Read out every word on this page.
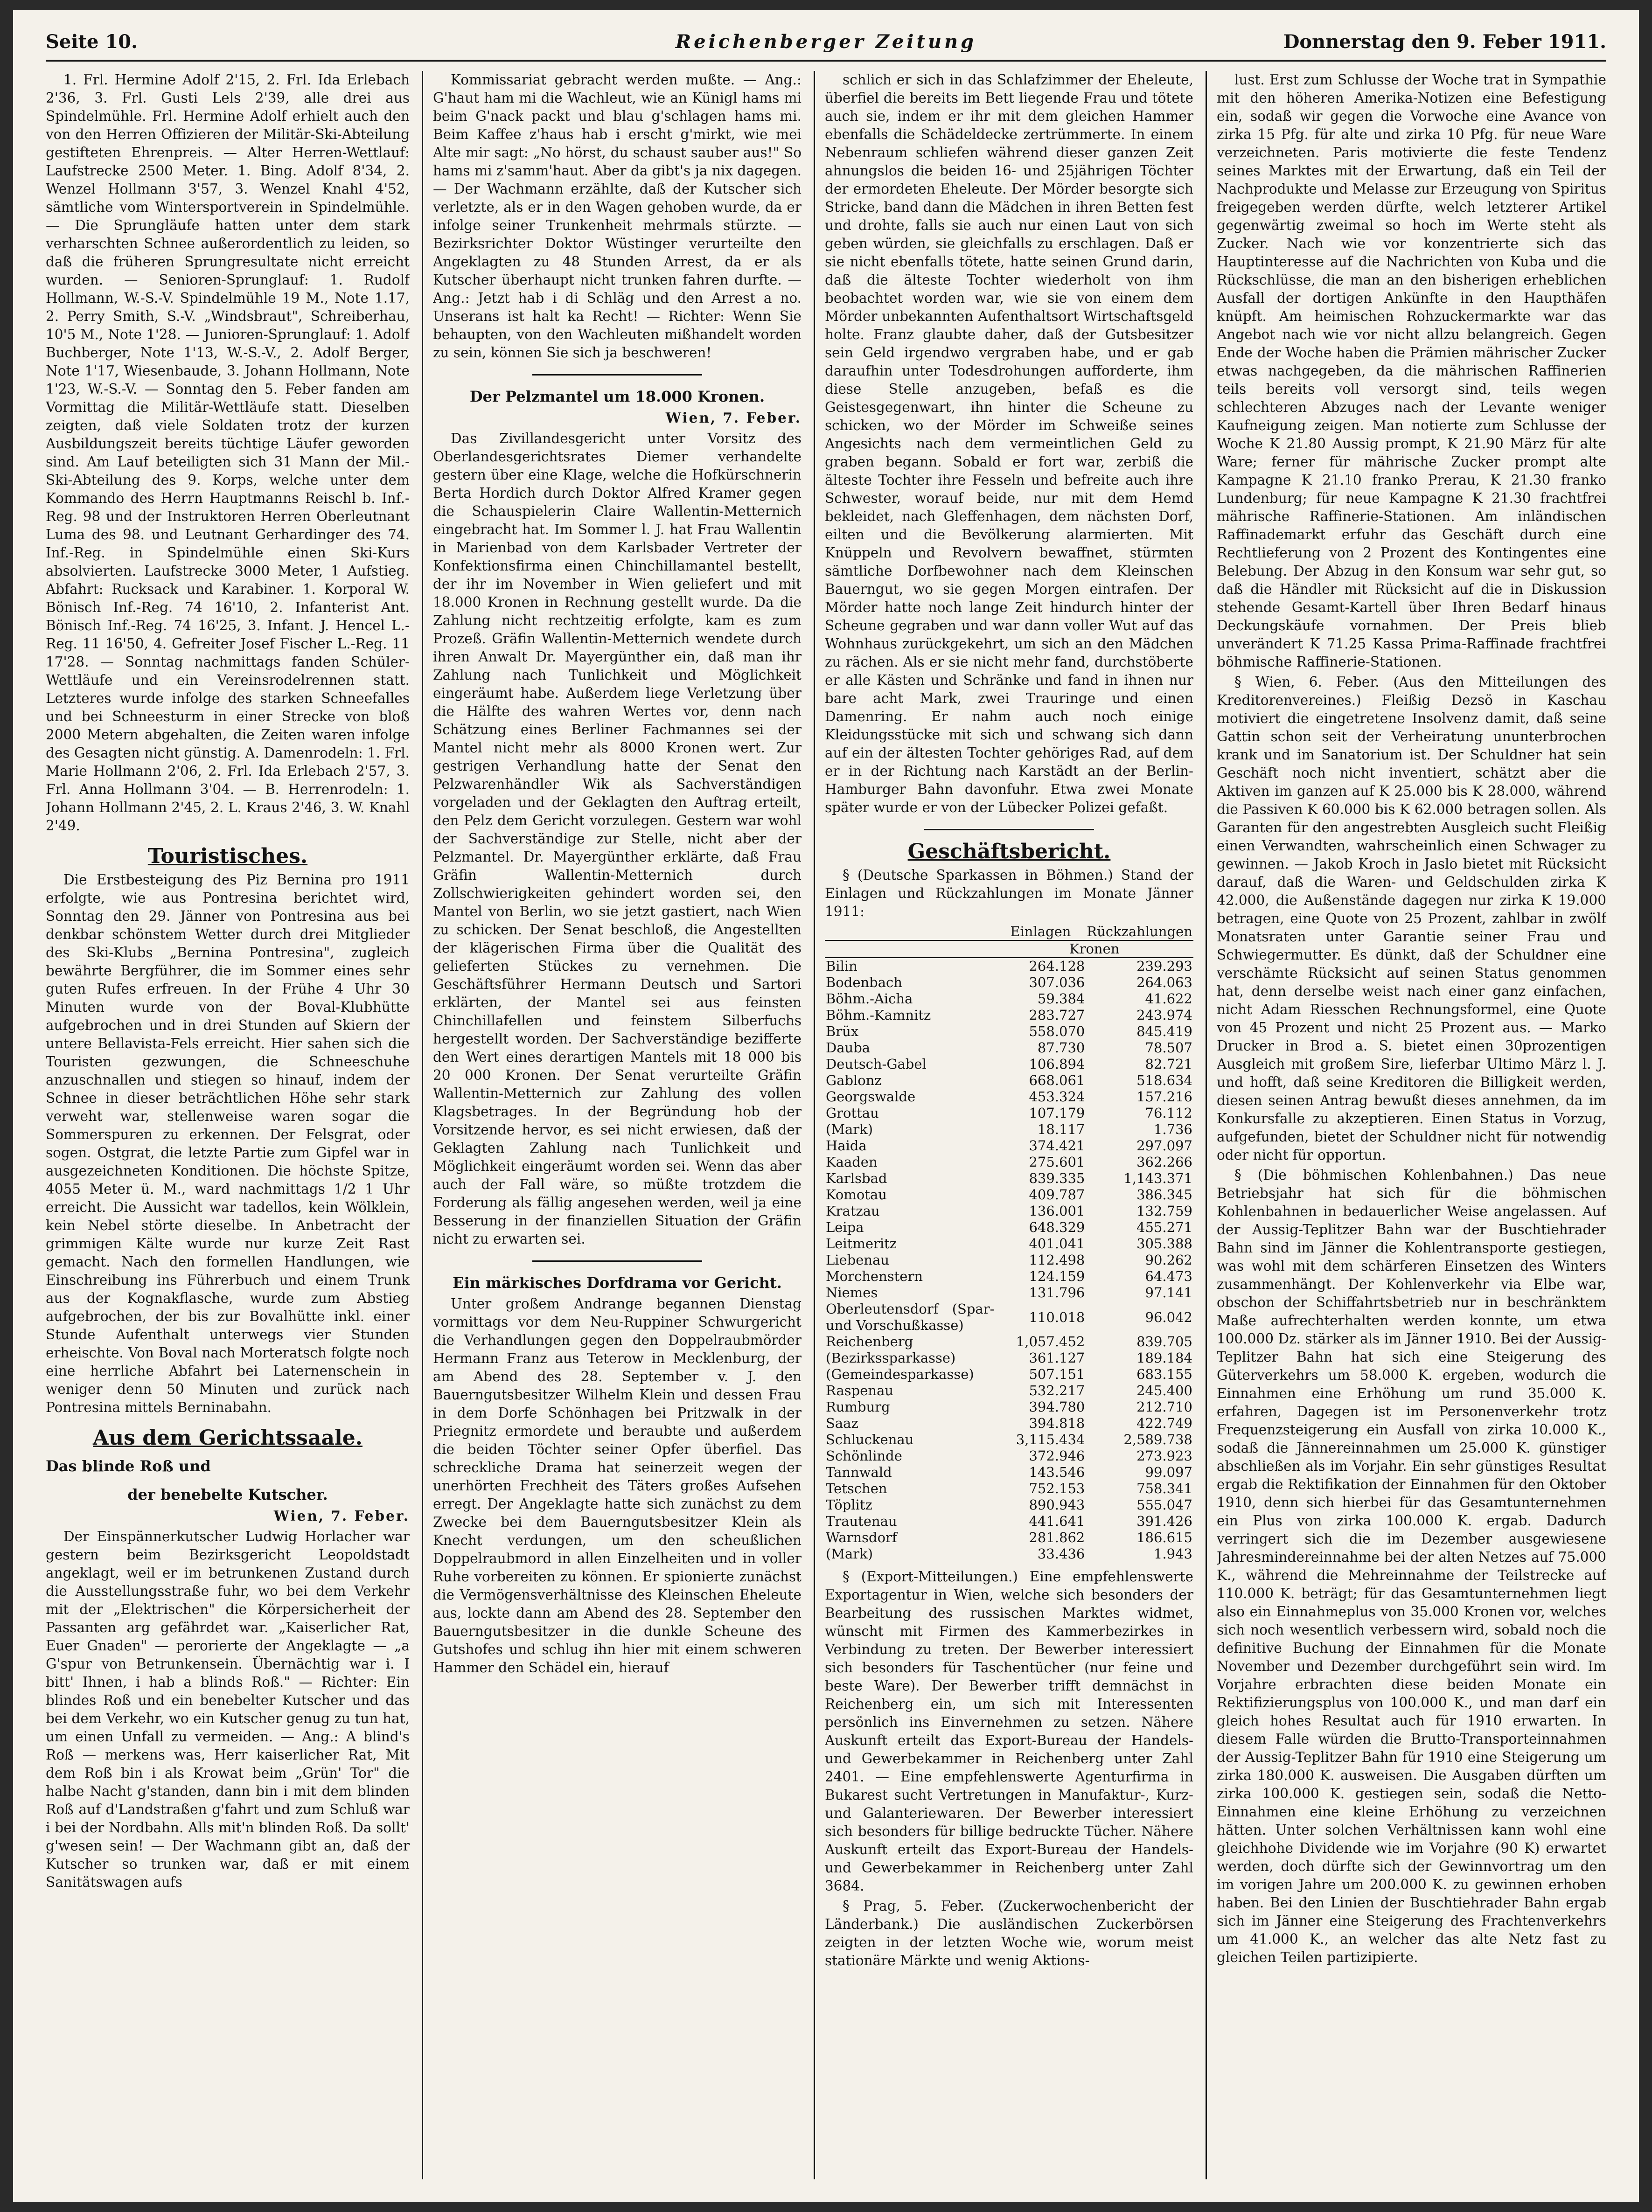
Seite 10.	Reichenberger Zeitung	Donnerstag den 9. Feber 1911.

1. Frl. Hermine Adolf 2'15, 2. Frl. Ida Erlebach 2'36, 3. Frl. Gusti Lels 2'39, alle drei aus Spindelmühle. Frl. Hermine Adolf erhielt auch den von den Herren Offizieren der Militär-Ski-Abteilung gestifteten Ehrenpreis. — Alter Herren-Wettlauf: Laufstrecke 2500 Meter. 1. Bing. Adolf 8'34, 2. Wenzel Hollmann 3'57, 3. Wenzel Knahl 4'52, sämtliche vom Wintersportverein in Spindelmühle. — Die Sprungläufe hatten unter dem stark verharschten Schnee außerordentlich zu leiden, so daß die früheren Sprungresultate nicht erreicht wurden. — Senioren-Sprunglauf: 1. Rudolf Hollmann, W.-S.-V. Spindelmühle 19 M., Note 1.17, 2. Perry Smith, S.-V. „Windsbraut", Schreiberhau, 10'5 M., Note 1'28. — Junioren-Sprunglauf: 1. Adolf Buchberger, Note 1'13, W.-S.-V., 2. Adolf Berger, Note 1'17, Wiesenbaude, 3. Johann Hollmann, Note 1'23, W.-S.-V. — Sonntag den 5. Feber fanden am Vormittag die Militär-Wettläufe statt. Dieselben zeigten, daß viele Soldaten trotz der kurzen Ausbildungszeit bereits tüchtige Läufer geworden sind. Am Lauf beteiligten sich 31 Mann der Mil.-Ski-Abteilung des 9. Korps, welche unter dem Kommando des Herrn Hauptmanns Reischl b. Inf.-Reg. 98 und der Instruktoren Herren Oberleutnant Luma des 98. und Leutnant Gerhardinger des 74. Inf.-Reg. in Spindelmühle einen Ski-Kurs absolvierten. Laufstrecke 3000 Meter, 1 Aufstieg. Abfahrt: Rucksack und Karabiner. 1. Korporal W. Bönisch Inf.-Reg. 74 16'10, 2. Infanterist Ant. Bönisch Inf.-Reg. 74 16'25, 3. Infant. J. Hencel L.-Reg. 11 16'50, 4. Gefreiter Josef Fischer L.-Reg. 11 17'28. — Sonntag nachmittags fanden Schüler-Wettläufe und ein Vereinsrodelrennen statt. Letzteres wurde infolge des starken Schneefalles und bei Schneesturm in einer Strecke von bloß 2000 Metern abgehalten, die Zeiten waren infolge des Gesagten nicht günstig. A. Damenrodeln: 1. Frl. Marie Hollmann 2'06, 2. Frl. Ida Erlebach 2'57, 3. Frl. Anna Hollmann 3'04. — B. Herrenrodeln: 1. Johann Hollmann 2'45, 2. L. Kraus 2'46, 3. W. Knahl 2'49.

Touristisches.

Die Erstbesteigung des Piz Bernina pro 1911 erfolgte, wie aus Pontresina berichtet wird, Sonntag den 29. Jänner von Pontresina aus bei denkbar schönstem Wetter durch drei Mitglieder des Ski-Klubs „Bernina Pontresina", zugleich bewährte Bergführer, die im Sommer eines sehr guten Rufes erfreuen. In der Frühe 4 Uhr 30 Minuten wurde von der Boval-Klubhütte aufgebrochen und in drei Stunden auf Skiern der untere Bellavista-Fels erreicht. Hier sahen sich die Touristen gezwungen, die Schneeschuhe anzuschnallen und stiegen so hinauf, indem der Schnee in dieser beträchtlichen Höhe sehr stark verweht war, stellenweise waren sogar die Sommerspuren zu erkennen. Der Felsgrat, oder sogen. Ostgrat, die letzte Partie zum Gipfel war in ausgezeichneten Konditionen. Die höchste Spitze, 4055 Meter ü. M., ward nachmittags 1/2 1 Uhr erreicht. Die Aussicht war tadellos, kein Wölklein, kein Nebel störte dieselbe. In Anbetracht der grimmigen Kälte wurde nur kurze Zeit Rast gemacht. Nach den formellen Handlungen, wie Einschreibung ins Führerbuch und einem Trunk aus der Kognakflasche, wurde zum Abstieg aufgebrochen, der bis zur Bovalhütte inkl. einer Stunde Aufenthalt unterwegs vier Stunden erheischte. Von Boval nach Morteratsch folgte noch eine herrliche Abfahrt bei Laternenschein in weniger denn 50 Minuten und zurück nach Pontresina mittels Berninabahn.

Aus dem Gerichtssaale.
Das blinde Roß und
der benebelte Kutscher.
Wien, 7. Feber.

Der Einspännerkutscher Ludwig Horlacher war gestern beim Bezirksgericht Leopoldstadt angeklagt, weil er im betrunkenen Zustand durch die Ausstellungsstraße fuhr, wo bei dem Verkehr mit der „Elektrischen" die Körpersicherheit der Passanten arg gefährdet war. „Kaiserlicher Rat, Euer Gnaden" — perorierte der Angeklagte — „a G'spur von Betrunkensein. Übernächtig war i. I bitt' Ihnen, i hab a blinds Roß." — Richter: Ein blindes Roß und ein benebelter Kutscher und das bei dem Verkehr, wo ein Kutscher genug zu tun hat, um einen Unfall zu vermeiden. — Ang.: A blind's Roß — merkens was, Herr kaiserlicher Rat, Mit dem Roß bin i als Krowat beim „Grün' Tor" die halbe Nacht g'standen, dann bin i mit dem blinden Roß auf d'Landstraßen g'fahrt und zum Schluß war i bei der Nordbahn. Alls mit'n blinden Roß. Da sollt' g'wesen sein! — Der Wachmann gibt an, daß der Kutscher so trunken war, daß er mit einem Sanitätswagen aufs

Kommissariat gebracht werden mußte. — Ang.: G'haut ham mi die Wachleut, wie an Künigl hams mi beim G'nack packt und blau g'schlagen hams mi. Beim Kaffee z'haus hab i erscht g'mirkt, wie mei Alte mir sagt: „No hörst, du schaust sauber aus!" So hams mi z'samm'haut. Aber da gibt's ja nix dagegen. — Der Wachmann erzählte, daß der Kutscher sich verletzte, als er in den Wagen gehoben wurde, da er infolge seiner Trunkenheit mehrmals stürzte. — Bezirksrichter Doktor Wüstinger verurteilte den Angeklagten zu 48 Stunden Arrest, da er als Kutscher überhaupt nicht trunken fahren durfte. — Ang.: Jetzt hab i di Schläg und den Arrest a no. Unserans ist halt ka Recht! — Richter: Wenn Sie behaupten, von den Wachleuten mißhandelt worden zu sein, können Sie sich ja beschweren!

Der Pelzmantel um 18.000 Kronen.
Wien, 7. Feber.

Das Zivillandesgericht unter Vorsitz des Oberlandesgerichtsrates Diemer verhandelte gestern über eine Klage, welche die Hofkürschnerin Berta Hordich durch Doktor Alfred Kramer gegen die Schauspielerin Claire Wallentin-Metternich eingebracht hat. Im Sommer l. J. hat Frau Wallentin in Marienbad von dem Karlsbader Vertreter der Konfektionsfirma einen Chinchillamantel bestellt, der ihr im November in Wien geliefert und mit 18.000 Kronen in Rechnung gestellt wurde. Da die Zahlung nicht rechtzeitig erfolgte, kam es zum Prozeß. Gräfin Wallentin-Metternich wendete durch ihren Anwalt Dr. Mayergünther ein, daß man ihr Zahlung nach Tunlichkeit und Möglichkeit eingeräumt habe. Außerdem liege Verletzung über die Hälfte des wahren Wertes vor, denn nach Schätzung eines Berliner Fachmannes sei der Mantel nicht mehr als 8000 Kronen wert. Zur gestrigen Verhandlung hatte der Senat den Pelzwarenhändler Wik als Sachverständigen vorgeladen und der Geklagten den Auftrag erteilt, den Pelz dem Gericht vorzulegen. Gestern war wohl der Sachverständige zur Stelle, nicht aber der Pelzmantel. Dr. Mayergünther erklärte, daß Frau Gräfin Wallentin-Metternich durch Zollschwierigkeiten gehindert worden sei, den Mantel von Berlin, wo sie jetzt gastiert, nach Wien zu schicken. Der Senat beschloß, die Angestellten der klägerischen Firma über die Qualität des gelieferten Stückes zu vernehmen. Die Geschäftsführer Hermann Deutsch und Sartori erklärten, der Mantel sei aus feinsten Chinchillafellen und feinstem Silberfuchs hergestellt worden. Der Sachverständige bezifferte den Wert eines derartigen Mantels mit 18 000 bis 20 000 Kronen. Der Senat verurteilte Gräfin Wallentin-Metternich zur Zahlung des vollen Klagsbetrages. In der Begründung hob der Vorsitzende hervor, es sei nicht erwiesen, daß der Geklagten Zahlung nach Tunlichkeit und Möglichkeit eingeräumt worden sei. Wenn das aber auch der Fall wäre, so müßte trotzdem die Forderung als fällig angesehen werden, weil ja eine Besserung in der finanziellen Situation der Gräfin nicht zu erwarten sei.

Ein märkisches Dorfdrama vor Gericht.

Unter großem Andrange begannen Dienstag vormittags vor dem Neu-Ruppiner Schwurgericht die Verhandlungen gegen den Doppelraubmörder Hermann Franz aus Teterow in Mecklenburg, der am Abend des 28. September v. J. den Bauerngutsbesitzer Wilhelm Klein und dessen Frau in dem Dorfe Schönhagen bei Pritzwalk in der Priegnitz ermordete und beraubte und außerdem die beiden Töchter seiner Opfer überfiel. Das schreckliche Drama hat seinerzeit wegen der unerhörten Frechheit des Täters großes Aufsehen erregt. Der Angeklagte hatte sich zunächst zu dem Zwecke bei dem Bauerngutsbesitzer Klein als Knecht verdungen, um den scheußlichen Doppelraubmord in allen Einzelheiten und in voller Ruhe vorbereiten zu können. Er spionierte zunächst die Vermögensverhältnisse des Kleinschen Eheleute aus, lockte dann am Abend des 28. September den Bauerngutsbesitzer in die dunkle Scheune des Gutshofes und schlug ihn hier mit einem schweren Hammer den Schädel ein, hierauf

schlich er sich in das Schlafzimmer der Eheleute, überfiel die bereits im Bett liegende Frau und tötete auch sie, indem er ihr mit dem gleichen Hammer ebenfalls die Schädeldecke zertrümmerte. In einem Nebenraum schliefen während dieser ganzen Zeit ahnungslos die beiden 16- und 25jährigen Töchter der ermordeten Eheleute. Der Mörder besorgte sich Stricke, band dann die Mädchen in ihren Betten fest und drohte, falls sie auch nur einen Laut von sich geben würden, sie gleichfalls zu erschlagen. Daß er sie nicht ebenfalls tötete, hatte seinen Grund darin, daß die älteste Tochter wiederholt von ihm beobachtet worden war, wie sie von einem dem Mörder unbekannten Aufenthaltsort Wirtschaftsgeld holte. Franz glaubte daher, daß der Gutsbesitzer sein Geld irgendwo vergraben habe, und er gab daraufhin unter Todesdrohungen aufforderte, ihm diese Stelle anzugeben, befaß es die Geistesgegenwart, ihn hinter die Scheune zu schicken, wo der Mörder im Schweiße seines Angesichts nach dem vermeintlichen Geld zu graben begann. Sobald er fort war, zerbiß die älteste Tochter ihre Fesseln und befreite auch ihre Schwester, worauf beide, nur mit dem Hemd bekleidet, nach Gleffenhagen, dem nächsten Dorf, eilten und die Bevölkerung alarmierten. Mit Knüppeln und Revolvern bewaffnet, stürmten sämtliche Dorfbewohner nach dem Kleinschen Bauerngut, wo sie gegen Morgen eintrafen. Der Mörder hatte noch lange Zeit hindurch hinter der Scheune gegraben und war dann voller Wut auf das Wohnhaus zurückgekehrt, um sich an den Mädchen zu rächen. Als er sie nicht mehr fand, durchstöberte er alle Kästen und Schränke und fand in ihnen nur bare acht Mark, zwei Trauringe und einen Damenring. Er nahm auch noch einige Kleidungsstücke mit sich und schwang sich dann auf ein der ältesten Tochter gehöriges Rad, auf dem er in der Richtung nach Karstädt an der Berlin-Hamburger Bahn davonfuhr. Etwa zwei Monate später wurde er von der Lübecker Polizei gefaßt.

Geschäftsbericht.

§ (Deutsche Sparkassen in Böhmen.) Stand der Einlagen und Rückzahlungen im Monate Jänner 1911:

	Einlagen	Rückzahlungen
	Kronen	
Bilin	264.128	239.293
Bodenbach	307.036	264.063
Böhm.-Aicha	59.384	41.622
Böhm.-Kamnitz	283.727	243.974
Brüx	558.070	845.419
Dauba	87.730	78.507
Deutsch-Gabel	106.894	82.721
Gablonz	668.061	518.634
Georgswalde	453.324	157.216
Grottau	107.179	76.112
(Mark)	18.117	1.736
Haida	374.421	297.097
Kaaden	275.601	362.266
Karlsbad	839.335	1,143.371
Komotau	409.787	386.345
Kratzau	136.001	132.759
Leipa	648.329	455.271
Leitmeritz	401.041	305.388
Liebenau	112.498	90.262
Morchenstern	124.159	64.473
Niemes	131.796	97.141
Oberleutensdorf (Spar- und Vorschußkasse)	110.018	96.042
Reichenberg	1,057.452	839.705
(Bezirkssparkasse)	361.127	189.184
(Gemeindesparkasse)	507.151	683.155
Raspenau	532.217	245.400
Rumburg	394.780	212.710
Saaz	394.818	422.749
Schluckenau	3,115.434	2,589.738
Schönlinde	372.946	273.923
Tannwald	143.546	99.097
Tetschen	752.153	758.341
Töplitz	890.943	555.047
Trautenau	441.641	391.426
Warnsdorf	281.862	186.615
(Mark)	33.436	1.943

§ (Export-Mitteilungen.) Eine empfehlenswerte Exportagentur in Wien, welche sich besonders der Bearbeitung des russischen Marktes widmet, wünscht mit Firmen des Kammerbezirkes in Verbindung zu treten. Der Bewerber interessiert sich besonders für Taschentücher (nur feine und beste Ware). Der Bewerber trifft demnächst in Reichenberg ein, um sich mit Interessenten persönlich ins Einvernehmen zu setzen. Nähere Auskunft erteilt das Export-Bureau der Handels- und Gewerbekammer in Reichenberg unter Zahl 2401. — Eine empfehlenswerte Agenturfirma in Bukarest sucht Vertretungen in Manufaktur-, Kurz- und Galanteriewaren. Der Bewerber interessiert sich besonders für billige bedruckte Tücher. Nähere Auskunft erteilt das Export-Bureau der Handels- und Gewerbekammer in Reichenberg unter Zahl 3684.

§ Prag, 5. Feber. (Zuckerwochenbericht der Länderbank.) Die ausländischen Zuckerbörsen zeigten in der letzten Woche wie, worum meist stationäre Märkte und wenig Aktions-

lust. Erst zum Schlusse der Woche trat in Sympathie mit den höheren Amerika-Notizen eine Befestigung ein, sodaß wir gegen die Vorwoche eine Avance von zirka 15 Pfg. für alte und zirka 10 Pfg. für neue Ware verzeichneten. Paris motivierte die feste Tendenz seines Marktes mit der Erwartung, daß ein Teil der Nachprodukte und Melasse zur Erzeugung von Spiritus freigegeben werden dürfte, welch letzterer Artikel gegenwärtig zweimal so hoch im Werte steht als Zucker. Nach wie vor konzentrierte sich das Hauptinteresse auf die Nachrichten von Kuba und die Rückschlüsse, die man an den bisherigen erheblichen Ausfall der dortigen Ankünfte in den Haupthäfen knüpft. Am heimischen Rohzuckermarkte war das Angebot nach wie vor nicht allzu belangreich. Gegen Ende der Woche haben die Prämien mährischer Zucker etwas nachgegeben, da die mährischen Raffinerien teils bereits voll versorgt sind, teils wegen schlechteren Abzuges nach der Levante weniger Kaufneigung zeigen. Man notierte zum Schlusse der Woche K 21.80 Aussig prompt, K 21.90 März für alte Ware; ferner für mährische Zucker prompt alte Kampagne K 21.10 franko Prerau, K 21.30 franko Lundenburg; für neue Kampagne K 21.30 frachtfrei mährische Raffinerie-Stationen. Am inländischen Raffinademarkt erfuhr das Geschäft durch eine Rechtlieferung von 2 Prozent des Kontingentes eine Belebung. Der Abzug in den Konsum war sehr gut, so daß die Händler mit Rücksicht auf die in Diskussion stehende Gesamt-Kartell über Ihren Bedarf hinaus Deckungskäufe vornahmen. Der Preis blieb unverändert K 71.25 Kassa Prima-Raffinade frachtfrei böhmische Raffinerie-Stationen.

§ Wien, 6. Feber. (Aus den Mitteilungen des Kreditorenvereines.) Fleißig Dezsö in Kaschau motiviert die eingetretene Insolvenz damit, daß seine Gattin schon seit der Verheiratung ununterbrochen krank und im Sanatorium ist. Der Schuldner hat sein Geschäft noch nicht inventiert, schätzt aber die Aktiven im ganzen auf K 25.000 bis K 28.000, während die Passiven K 60.000 bis K 62.000 betragen sollen. Als Garanten für den angestrebten Ausgleich sucht Fleißig einen Verwandten, wahrscheinlich einen Schwager zu gewinnen. — Jakob Kroch in Jaslo bietet mit Rücksicht darauf, daß die Waren- und Geldschulden zirka K 42.000, die Außenstände dagegen nur zirka K 19.000 betragen, eine Quote von 25 Prozent, zahlbar in zwölf Monatsraten unter Garantie seiner Frau und Schwiegermutter. Es dünkt, daß der Schuldner eine verschämte Rücksicht auf seinen Status genommen hat, denn derselbe weist nach einer ganz einfachen, nicht Adam Riesschen Rechnungsformel, eine Quote von 45 Prozent und nicht 25 Prozent aus. — Marko Drucker in Brod a. S. bietet einen 30prozentigen Ausgleich mit großem Sire, lieferbar Ultimo März l. J. und hofft, daß seine Kreditoren die Billigkeit werden, diesen seinen Antrag bewußt dieses annehmen, da im Konkursfalle zu akzeptieren. Einen Status in Vorzug, aufgefunden, bietet der Schuldner nicht für notwendig oder nicht für opportun.

§ (Die böhmischen Kohlenbahnen.) Das neue Betriebsjahr hat sich für die böhmischen Kohlenbahnen in bedauerlicher Weise angelassen. Auf der Aussig-Teplitzer Bahn war der Buschtiehrader Bahn sind im Jänner die Kohlentransporte gestiegen, was wohl mit dem schärferen Einsetzen des Winters zusammenhängt. Der Kohlenverkehr via Elbe war, obschon der Schiffahrtsbetrieb nur in beschränktem Maße aufrechterhalten werden konnte, um etwa 100.000 Dz. stärker als im Jänner 1910. Bei der Aussig-Teplitzer Bahn hat sich eine Steigerung des Güterverkehrs um 58.000 K. ergeben, wodurch die Einnahmen eine Erhöhung um rund 35.000 K. erfahren, Dagegen ist im Personenverkehr trotz Frequenzsteigerung ein Ausfall von zirka 10.000 K., sodaß die Jännereinnahmen um 25.000 K. günstiger abschließen als im Vorjahr. Ein sehr günstiges Resultat ergab die Rektifikation der Einnahmen für den Oktober 1910, denn sich hierbei für das Gesamtunternehmen ein Plus von zirka 100.000 K. ergab. Dadurch verringert sich die im Dezember ausgewiesene Jahresmindereinnahme bei der alten Netzes auf 75.000 K., während die Mehreinnahme der Teilstrecke auf 110.000 K. beträgt; für das Gesamtunternehmen liegt also ein Einnahmeplus von 35.000 Kronen vor, welches sich noch wesentlich verbessern wird, sobald noch die definitive Buchung der Einnahmen für die Monate November und Dezember durchgeführt sein wird. Im Vorjahre erbrachten diese beiden Monate ein Rektifizierungsplus von 100.000 K., und man darf ein gleich hohes Resultat auch für 1910 erwarten. In diesem Falle würden die Brutto-Transporteinnahmen der Aussig-Teplitzer Bahn für 1910 eine Steigerung um zirka 180.000 K. ausweisen. Die Ausgaben dürften um zirka 100.000 K. gestiegen sein, sodaß die Netto-Einnahmen eine kleine Erhöhung zu verzeichnen hätten. Unter solchen Verhältnissen kann wohl eine gleichhohe Dividende wie im Vorjahre (90 K) erwartet werden, doch dürfte sich der Gewinnvortrag um den im vorigen Jahre um 200.000 K. zu gewinnen erhoben haben. Bei den Linien der Buschtiehrader Bahn ergab sich im Jänner eine Steigerung des Frachtenverkehrs um 41.000 K., an welcher das alte Netz fast zu gleichen Teilen partizipierte.
